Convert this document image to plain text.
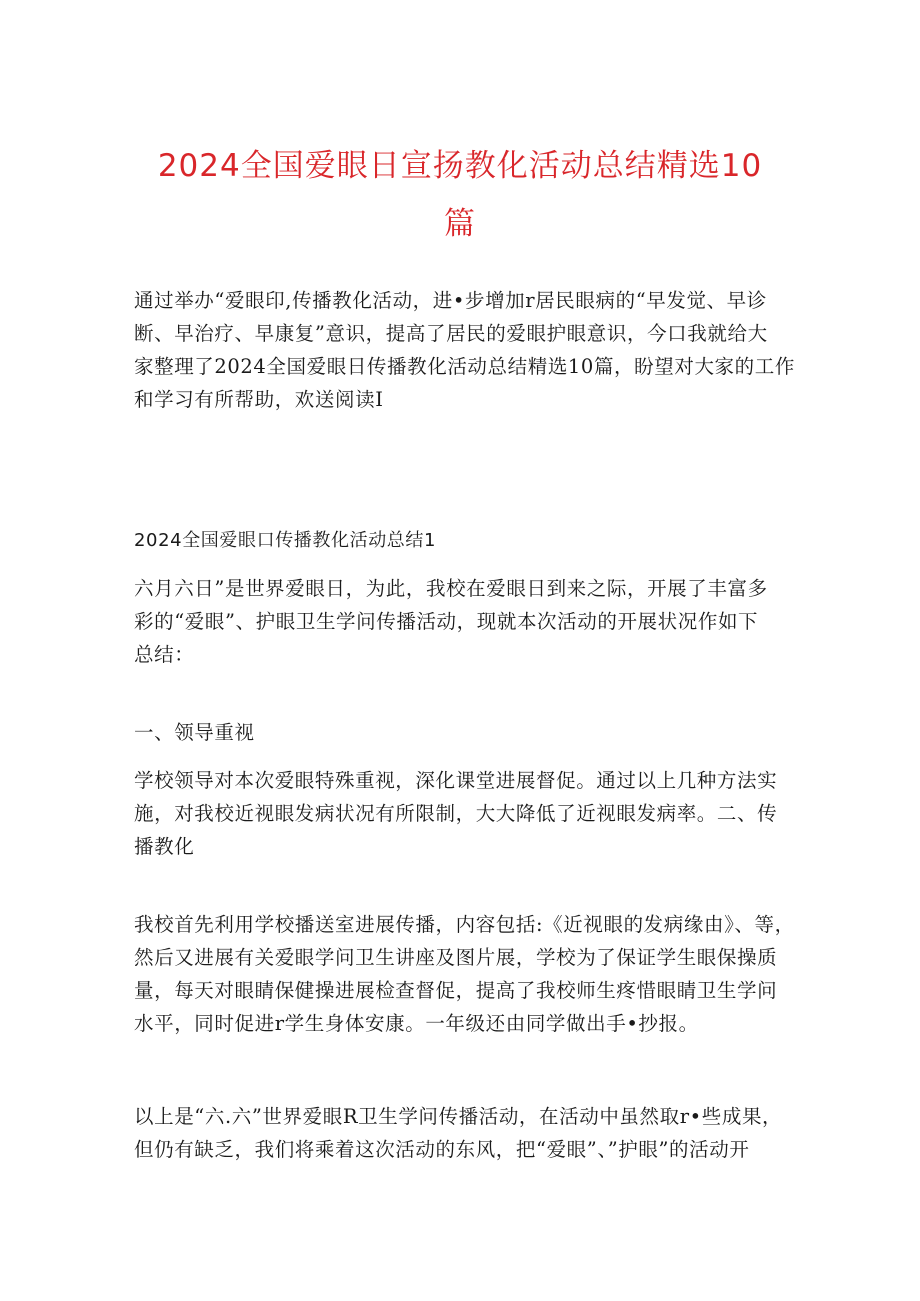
2024全国爱眼日宣扬教化活动总结精选10
篇
通过举办“爱眼印,传播教化活动，进•步增加r居民眼病的“早发觉、早诊
断、早治疗、早康复”意识，提高了居民的爱眼护眼意识，今口我就给大
家整理了2024全国爱眼日传播教化活动总结精选10篇，盼望对大家的工作
和学习有所帮助，欢送阅读I
2024全国爱眼口传播教化活动总结1
六月六日”是世界爱眼日，为此，我校在爱眼日到来之际，开展了丰富多
彩的“爱眼”、护眼卫生学问传播活动，现就本次活动的开展状况作如下
总结：
一、领导重视
学校领导对本次爱眼特殊重视，深化课堂进展督促。通过以上几种方法实
施，对我校近视眼发病状况有所限制，大大降低了近视眼发病率。二、传
播教化
我校首先利用学校播送室进展传播，内容包括:《近视眼的发病缘由》、等，
然后又进展有关爱眼学问卫生讲座及图片展，学校为了保证学生眼保操质
量，每天对眼睛保健操进展检查督促，提高了我校师生疼惜眼睛卫生学问
水平，同时促进r学生身体安康。一年级还由同学做出手•抄报。
以上是“六.六”世界爱眼R卫生学问传播活动，在活动中虽然取r•些成果，
但仍有缺乏，我们将乘着这次活动的东风，把“爱眼”、”护眼”的活动开
